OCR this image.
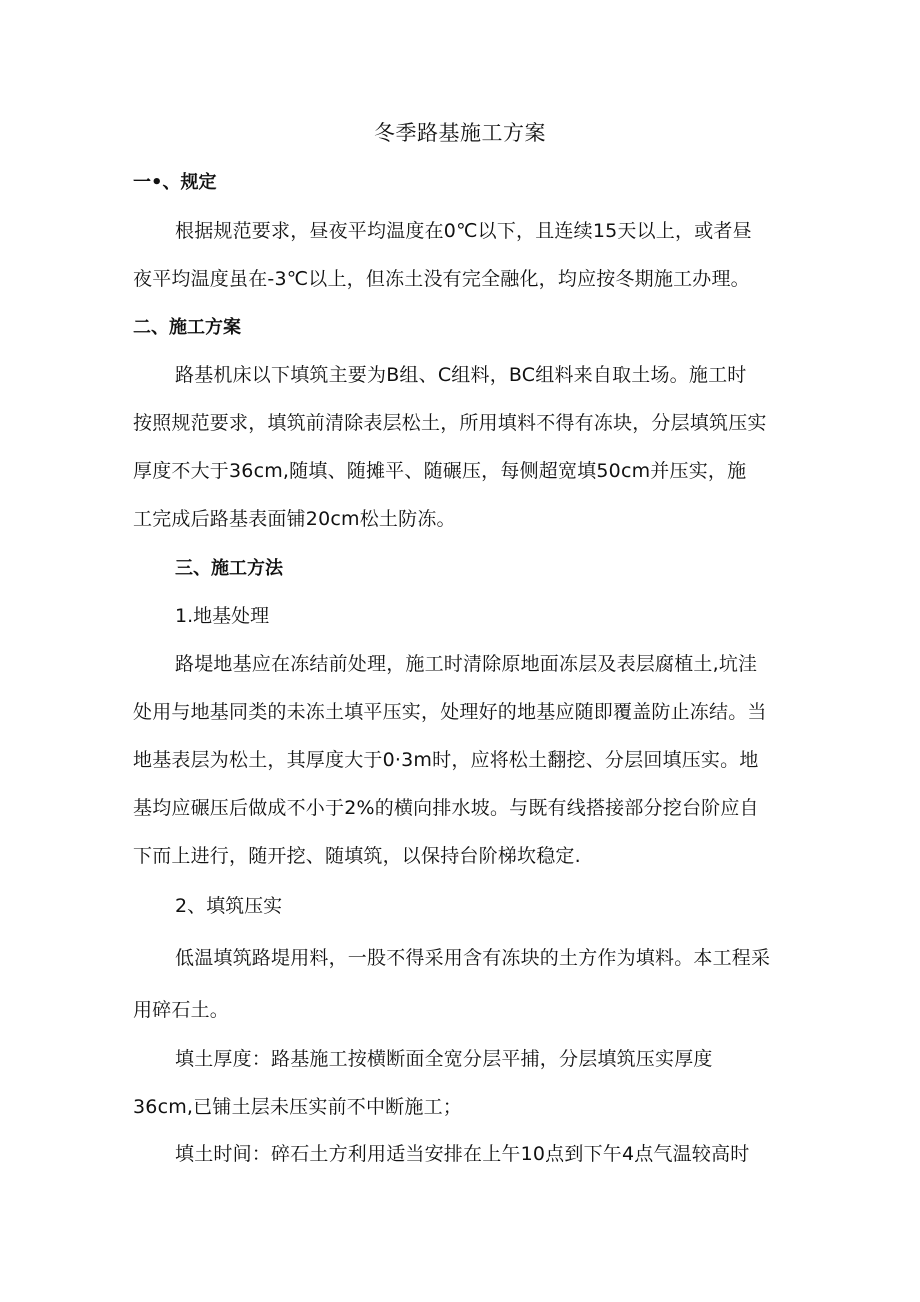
冬季路基施工方案
一•、规定
根据规范要求，昼夜平均温度在0℃以下，且连续15天以上，或者昼
夜平均温度虽在-3℃以上，但冻土没有完全融化，均应按冬期施工办理。
二、施工方案
路基机床以下填筑主要为B组、C组料，BC组料来自取土场。施工时
按照规范要求，填筑前清除表层松土，所用填料不得有冻块，分层填筑压实
厚度不大于36cm,随填、随摊平、随碾压，每侧超宽填50cm并压实，施
工完成后路基表面铺20cm松土防冻。
三、施工方法
1.地基处理
路堤地基应在冻结前处理，施工时清除原地面冻层及表层腐植土,坑洼
处用与地基同类的未冻土填平压实，处理好的地基应随即覆盖防止冻结。当
地基表层为松土，其厚度大于0·3m时，应将松土翻挖、分层回填压实。地
基均应碾压后做成不小于2%的横向排水坡。与既有线搭接部分挖台阶应自
下而上进行，随开挖、随填筑，以保持台阶梯坎稳定.
2、填筑压实
低温填筑路堤用料，一股不得采用含有冻块的土方作为填料。本工程采
用碎石土。
填土厚度：路基施工按横断面全宽分层平捕，分层填筑压实厚度
36cm,已铺土层未压实前不中断施工；
填土时间：碎石土方利用适当安排在上午10点到下午4点气温较高时
